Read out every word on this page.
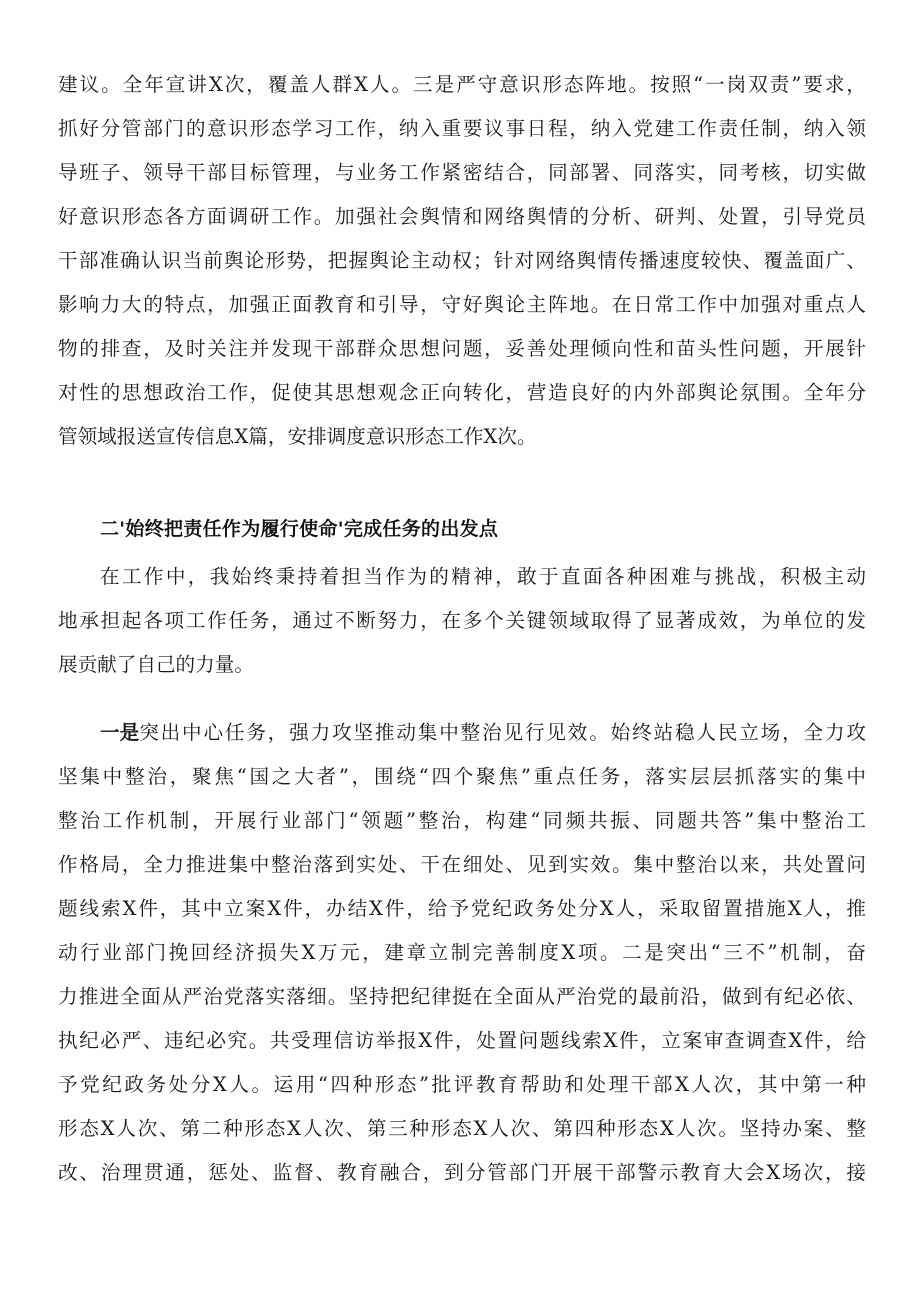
建议。全年宣讲X次，覆盖人群X人。三是严守意识形态阵地。按照“一岗双责”要求，
抓好分管部门的意识形态学习工作，纳入重要议事日程，纳入党建工作责任制，纳入领
导班子、领导干部目标管理，与业务工作紧密结合，同部署、同落实，同考核，切实做
好意识形态各方面调研工作。加强社会舆情和网络舆情的分析、研判、处置，引导党员
干部准确认识当前舆论形势，把握舆论主动权；针对网络舆情传播速度较快、覆盖面广、
影响力大的特点，加强正面教育和引导，守好舆论主阵地。在日常工作中加强对重点人
物的排查，及时关注并发现干部群众思想问题，妥善处理倾向性和苗头性问题，开展针
对性的思想政治工作，促使其思想观念正向转化，营造良好的内外部舆论氛围。全年分
管领域报送宣传信息X篇，安排调度意识形态工作X次。
二'始终把责任作为履行使命'完成任务的出发点
在工作中，我始终秉持着担当作为的精神，敢于直面各种困难与挑战，积极主动
地承担起各项工作任务，通过不断努力，在多个关键领域取得了显著成效，为单位的发
展贡献了自己的力量。
一是 突出中心任务，强力攻坚推动集中整治见行见效。始终站稳人民立场，全力攻
坚集中整治，聚焦“国之大者”，围绕“四个聚焦”重点任务，落实层层抓落实的集中
整治工作机制，开展行业部门“领题”整治，构建“同频共振、同题共答”集中整治工
作格局，全力推进集中整治落到实处、干在细处、见到实效。集中整治以来，共处置问
题线索X件，其中立案X件，办结X件，给予党纪政务处分X人，采取留置措施X人，推
动行业部门挽回经济损失X万元，建章立制完善制度X项。二是突出“三不”机制，奋
力推进全面从严治党落实落细。坚持把纪律挺在全面从严治党的最前沿，做到有纪必依、
执纪必严、违纪必究。共受理信访举报X件，处置问题线索X件，立案审查调查X件，给
予党纪政务处分X人。运用“四种形态”批评教育帮助和处理干部X人次，其中第一种
形态X人次、第二种形态X人次、第三种形态X人次、第四种形态X人次。坚持办案、整
改、治理贯通，惩处、监督、教育融合，到分管部门开展干部警示教育大会X场次，接
